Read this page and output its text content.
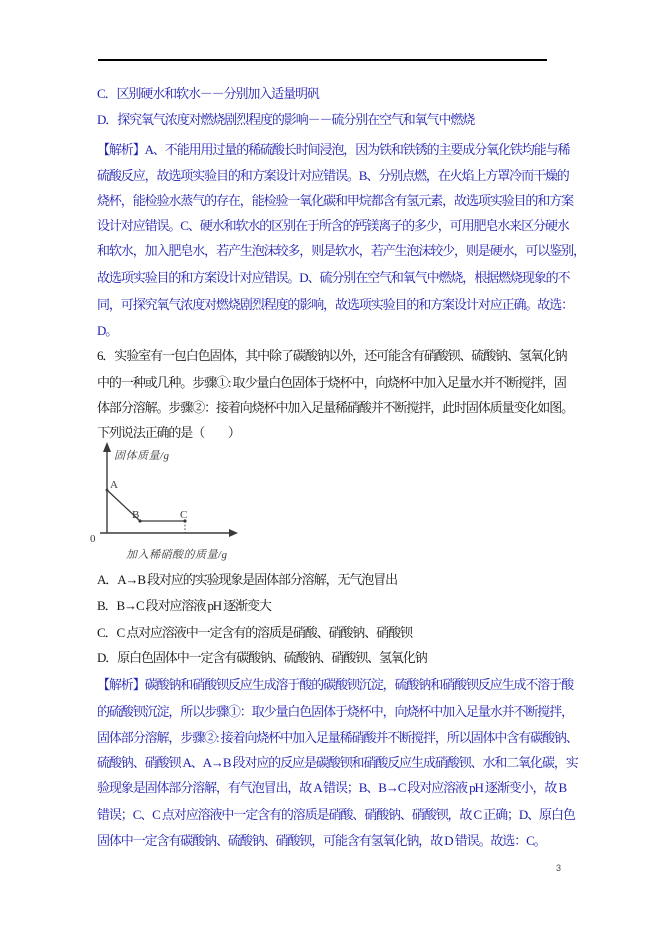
C．区别硬水和软水－－分别加入适量明矾
D．探究氧气浓度对燃烧剧烈程度的影响－－硫分别在空气和氧气中燃烧
【解析】A、不能用用过量的稀硫酸长时间浸泡，因为铁和铁锈的主要成分氧化铁均能与稀
硫酸反应，故选项实验目的和方案设计对应错误。B、分别点燃，在火焰上方罩冷而干燥的
烧杯，能检验水蒸气的存在，能检验一氧化碳和甲烷都含有氢元素，故选项实验目的和方案
设计对应错误。C、硬水和软水的区别在于所含的钙镁离子的多少，可用肥皂水来区分硬水
和软水，加入肥皂水，若产生泡沫较多，则是软水，若产生泡沫较少，则是硬水，可以鉴别，
故选项实验目的和方案设计对应错误。D、硫分别在空气和氧气中燃烧，根据燃烧现象的不
同，可探究氧气浓度对燃烧剧烈程度的影响，故选项实验目的和方案设计对应正确。故选：
D。
6．实验室有一包白色固体，其中除了碳酸钠以外，还可能含有硝酸钡、硫酸钠、氢氧化钠
中的一种或几种。步骤①: 取少量白色固体于烧杯中，向烧杯中加入足量水并不断搅拌，固
体部分溶解。步骤②：接着向烧杯中加入足量稀硝酸并不断搅拌，此时固体质量变化如图。
下列说法正确的是（　　）
A
B	C
0
固体质量/g
加入稀硝酸的质量/g
A．A→B 段对应的实验现象是固体部分溶解，无气泡冒出
B．B→C 段对应溶液 pH 逐渐变大
C．C 点对应溶液中一定含有的溶质是硝酸、硝酸钠、硝酸钡
D．原白色固体中一定含有碳酸钠、硫酸钠、硝酸钡、氢氧化钠
【解析】碳酸钠和硝酸钡反应生成溶于酸的碳酸钡沉淀，硫酸钠和硝酸钡反应生成不溶于酸
的硫酸钡沉淀，所以步骤①：取少量白色固体于烧杯中，向烧杯中加入足量水并不断搅拌，
固体部分溶解，步骤②: 接着向烧杯中加入足量稀硝酸并不断搅拌，所以固体中含有碳酸钠、
硫酸钠、硝酸钡 A、A→B 段对应的反应是碳酸钡和硝酸反应生成硝酸钡、水和二氧化碳，实
验现象是固体部分溶解，有气泡冒出，故 A 错误；B、B→C 段对应溶液 pH 逐渐变小，故 B
错误；C、C 点对应溶液中一定含有的溶质是硝酸、硝酸钠、硝酸钡，故 C 正确；D、原白色
固体中一定含有碳酸钠、硫酸钠、硝酸钡，可能含有氢氧化钠，故 D 错误。故选：C。
3
